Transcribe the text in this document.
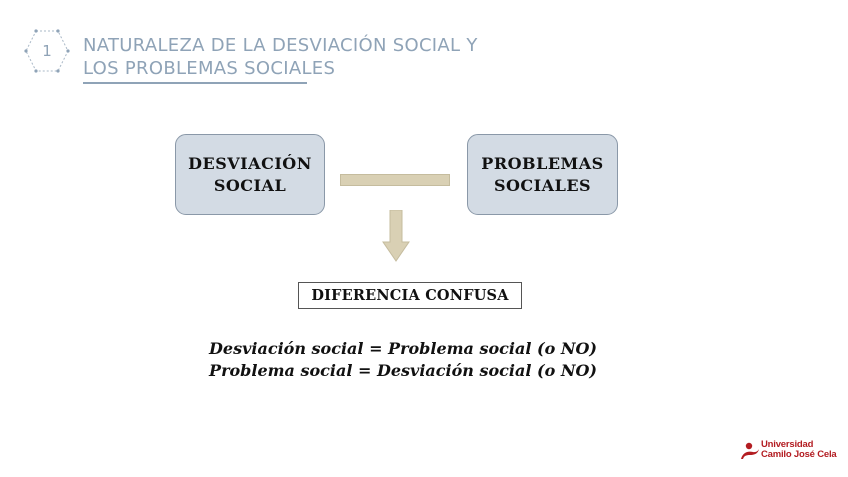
1	NATURALEZA DE LA DESVIACIÓN SOCIAL Y
LOS PROBLEMAS SOCIALES
DESVIACIÓN
SOCIAL
PROBLEMAS
SOCIALES
DIFERENCIA CONFUSA
Desviación social = Problema social (o NO)
Problema social = Desviación social (o NO)
Universidad
Camilo José Cela
